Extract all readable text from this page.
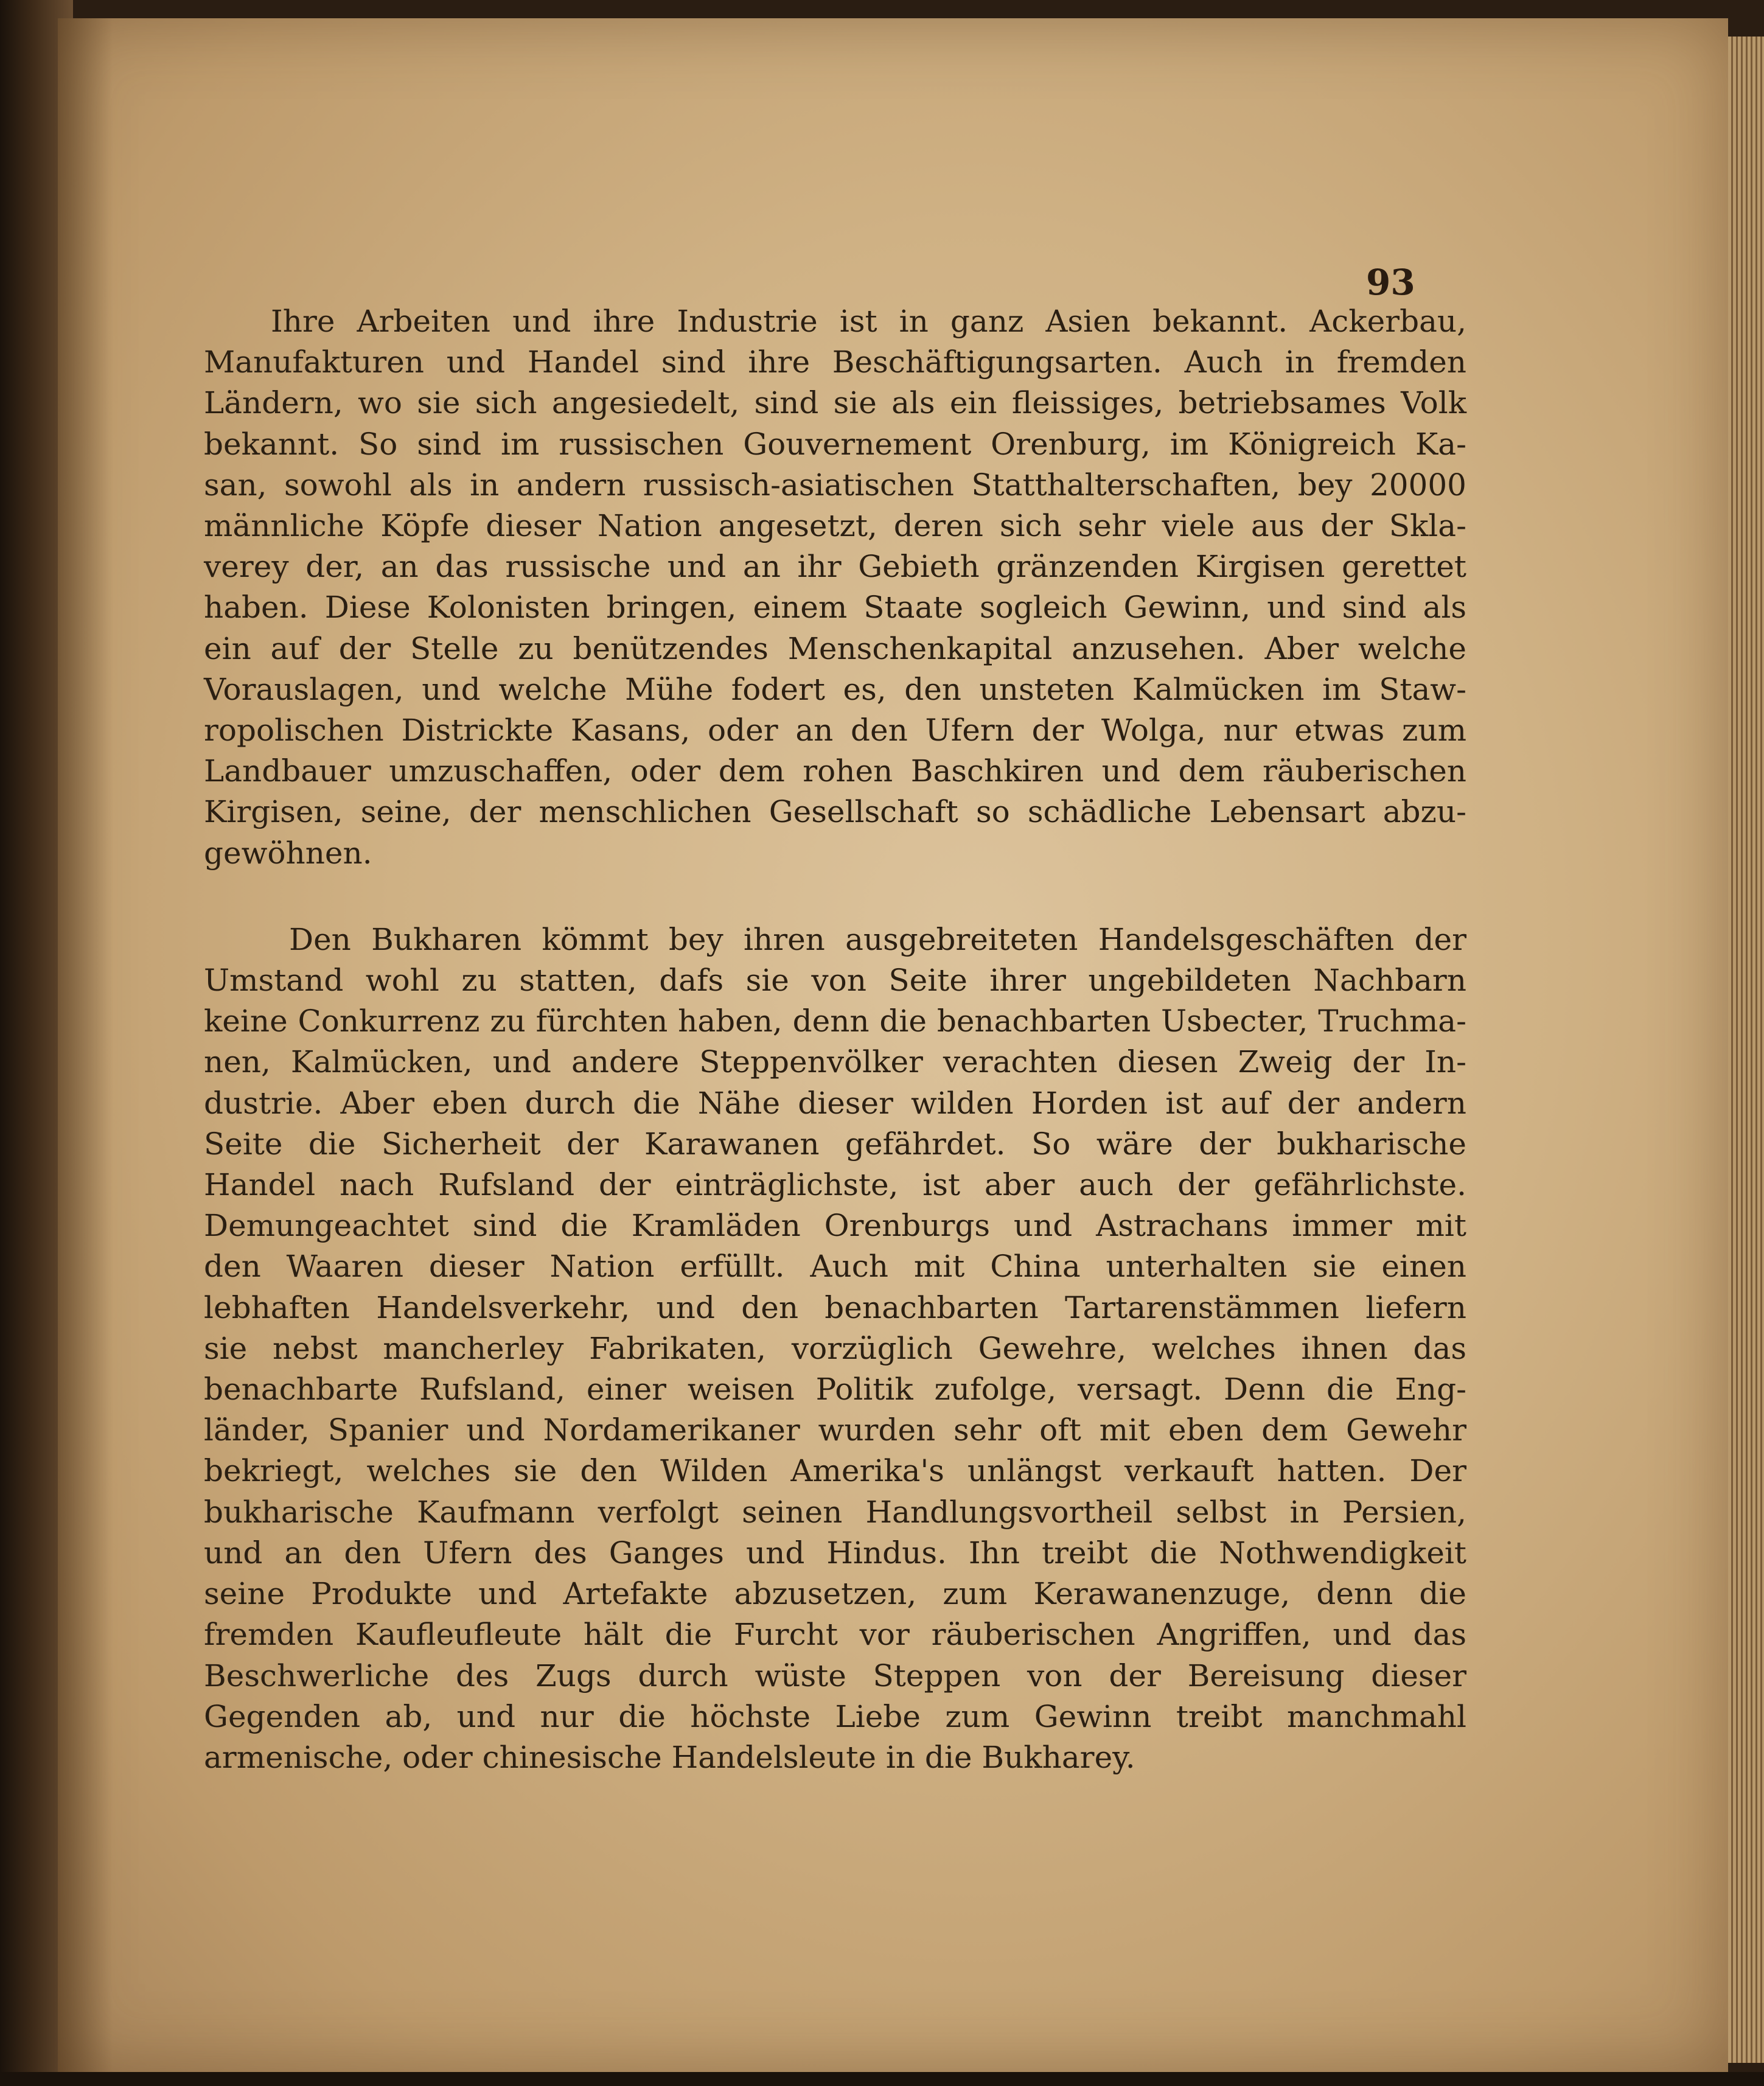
93

Ihre Arbeiten und ihre Industrie ist in ganz Asien bekannt. Ackerbau,
Manufakturen und Handel sind ihre Beschäftigungsarten. Auch in fremden
Ländern, wo sie sich angesiedelt, sind sie als ein fleissiges, betriebsames Volk
bekannt. So sind im russischen Gouvernement Orenburg, im Königreich Ka-
san, sowohl als in andern russisch-asiatischen Statthalterschaften, bey 20000
männliche Köpfe dieser Nation angesetzt, deren sich sehr viele aus der Skla-
verey der, an das russische und an ihr Gebieth gränzenden Kirgisen gerettet
haben. Diese Kolonisten bringen, einem Staate sogleich Gewinn, und sind als
ein auf der Stelle zu benützendes Menschenkapital anzusehen. Aber welche
Vorauslagen, und welche Mühe fodert es, den unsteten Kalmücken im Staw-
ropolischen Districkte Kasans, oder an den Ufern der Wolga, nur etwas zum
Landbauer umzuschaffen, oder dem rohen Baschkiren und dem räuberischen
Kirgisen, seine, der menschlichen Gesellschaft so schädliche Lebensart abzu-
gewöhnen.
Den Bukharen kömmt bey ihren ausgebreiteten Handelsgeschäften der
Umstand wohl zu statten, dafs sie von Seite ihrer ungebildeten Nachbarn
keine Conkurrenz zu fürchten haben, denn die benachbarten Usbecter, Truchma-
nen, Kalmücken, und andere Steppenvölker verachten diesen Zweig der In-
dustrie. Aber eben durch die Nähe dieser wilden Horden ist auf der andern
Seite die Sicherheit der Karawanen gefährdet. So wäre der bukharische
Handel nach Rufsland der einträglichste, ist aber auch der gefährlichste.
Demungeachtet sind die Kramläden Orenburgs und Astrachans immer mit
den Waaren dieser Nation erfüllt. Auch mit China unterhalten sie einen
lebhaften Handelsverkehr, und den benachbarten Tartarenstämmen liefern
sie nebst mancherley Fabrikaten, vorzüglich Gewehre, welches ihnen das
benachbarte Rufsland, einer weisen Politik zufolge, versagt. Denn die Eng-
länder, Spanier und Nordamerikaner wurden sehr oft mit eben dem Gewehr
bekriegt, welches sie den Wilden Amerika's unlängst verkauft hatten. Der
bukharische Kaufmann verfolgt seinen Handlungsvortheil selbst in Persien,
und an den Ufern des Ganges und Hindus. Ihn treibt die Nothwendigkeit
seine Produkte und Artefakte abzusetzen, zum Kerawanenzuge, denn die
fremden Kaufleufleute hält die Furcht vor räuberischen Angriffen, und das
Beschwerliche des Zugs durch wüste Steppen von der Bereisung dieser
Gegenden ab, und nur die höchste Liebe zum Gewinn treibt manchmahl
armenische, oder chinesische Handelsleute in die Bukharey.
